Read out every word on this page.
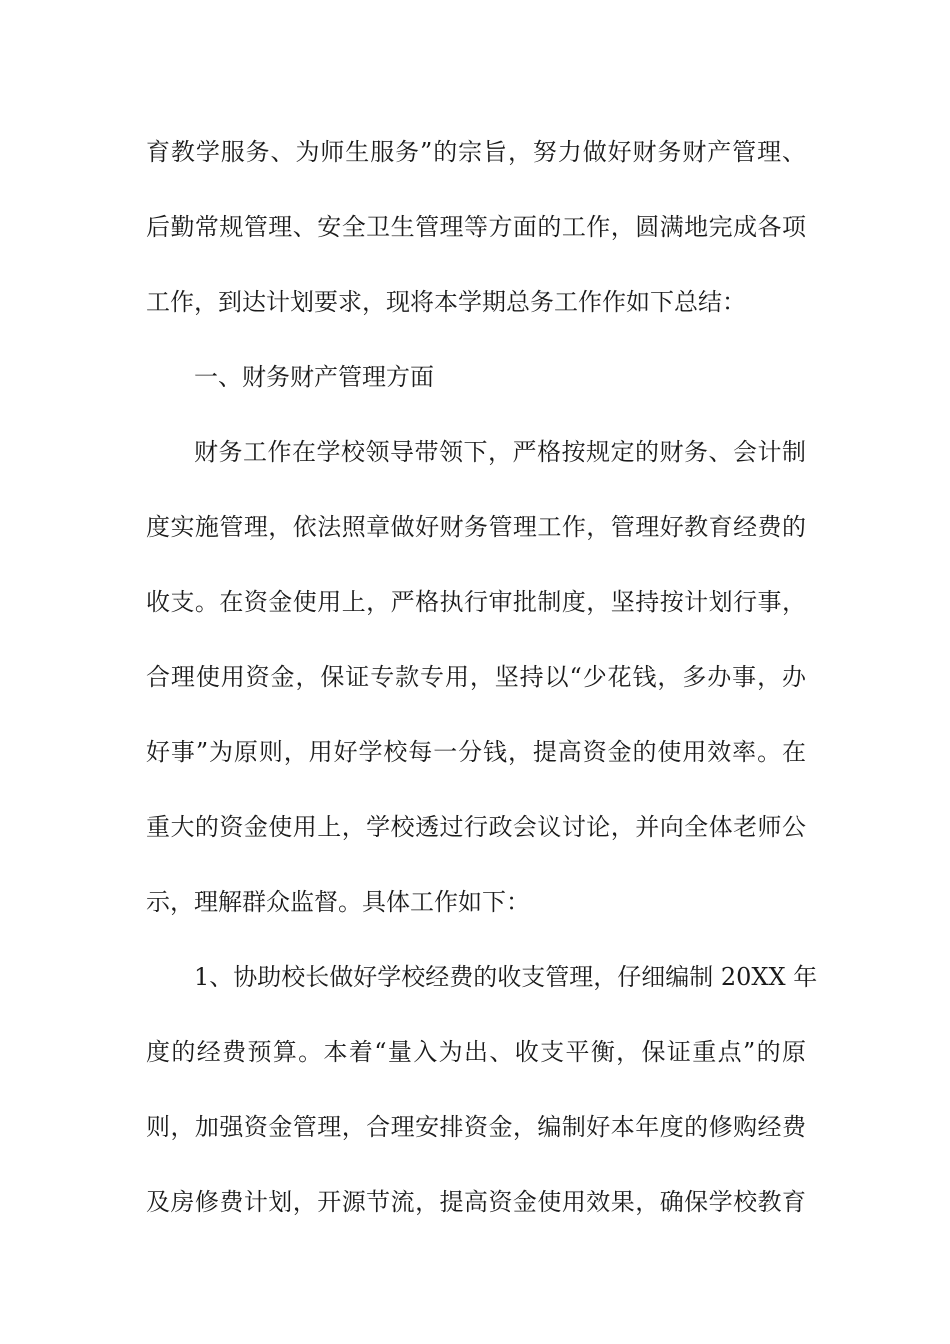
育教学服务、为师生服务”的宗旨，努力做好财务财产管理、
后勤常规管理、安全卫生管理等方面的工作，圆满地完成各项
工作，到达计划要求，现将本学期总务工作作如下总结：
一、财务财产管理方面
财务工作在学校领导带领下，严格按规定的财务、会计制
度实施管理，依法照章做好财务管理工作，管理好教育经费的
收支。在资金使用上，严格执行审批制度，坚持按计划行事，
合理使用资金，保证专款专用，坚持以“少花钱，多办事，办
好事”为原则，用好学校每一分钱，提高资金的使用效率。在
重大的资金使用上，学校透过行政会议讨论，并向全体老师公
示，理解群众监督。具体工作如下：
1、协助校长做好学校经费的收支管理，仔细编制 20XX 年
度的经费预算。本着“量入为出、收支平衡，保证重点”的原
则，加强资金管理，合理安排资金，编制好本年度的修购经费
及房修费计划，开源节流，提高资金使用效果，确保学校教育
